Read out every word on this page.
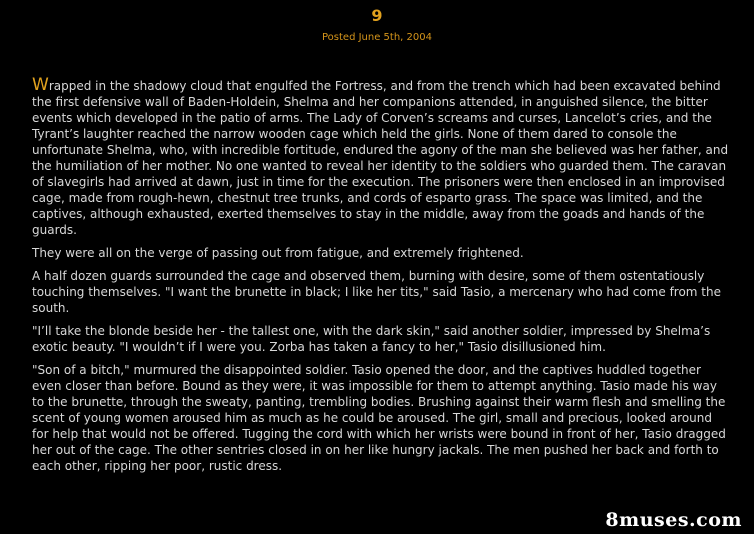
9
Posted June 5th, 2004

Wrapped in the shadowy cloud that engulfed the Fortress, and from the trench which had been excavated behind the first defensive wall of Baden-Holdein, Shelma and her companions attended, in anguished silence, the bitter events which developed in the patio of arms. The Lady of Corven’s screams and curses, Lancelot’s cries, and the Tyrant’s laughter reached the narrow wooden cage which held the girls. None of them dared to console the unfortunate Shelma, who, with incredible fortitude, endured the agony of the man she believed was her father, and the humiliation of her mother. No one wanted to reveal her identity to the soldiers who guarded them. The caravan of slavegirls had arrived at dawn, just in time for the execution. The prisoners were then enclosed in an improvised cage, made from rough-hewn, chestnut tree trunks, and cords of esparto grass. The space was limited, and the captives, although exhausted, exerted themselves to stay in the middle, away from the goads and hands of the guards.

They were all on the verge of passing out from fatigue, and extremely frightened.

A half dozen guards surrounded the cage and observed them, burning with desire, some of them ostentatiously touching themselves. "I want the brunette in black; I like her tits," said Tasio, a mercenary who had come from the south.

"I’ll take the blonde beside her - the tallest one, with the dark skin," said another soldier, impressed by Shelma’s exotic beauty. "I wouldn’t if I were you. Zorba has taken a fancy to her," Tasio disillusioned him.

"Son of a bitch," murmured the disappointed soldier. Tasio opened the door, and the captives huddled together even closer than before. Bound as they were, it was impossible for them to attempt anything. Tasio made his way to the brunette, through the sweaty, panting, trembling bodies. Brushing against their warm flesh and smelling the scent of young women aroused him as much as he could be aroused. The girl, small and precious, looked around for help that would not be offered. Tugging the cord with which her wrists were bound in front of her, Tasio dragged her out of the cage. The other sentries closed in on her like hungry jackals. The men pushed her back and forth to each other, ripping her poor, rustic dress.

8muses.com
